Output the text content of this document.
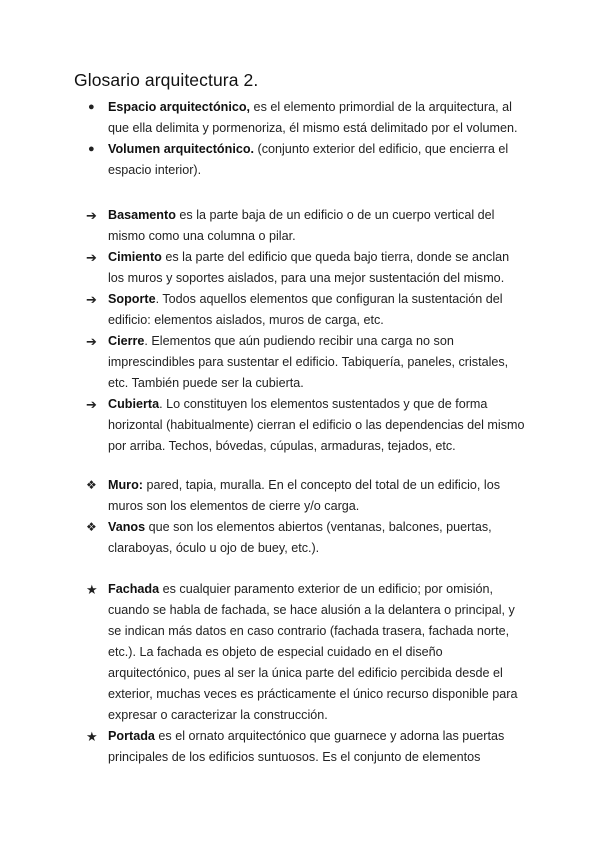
Glosario arquitectura 2.
●	Espacio arquitectónico, es el elemento primordial de la arquitectura, al que ella delimita y pormenoriza, él mismo está delimitado por el volumen.
●	Volumen arquitectónico. (conjunto exterior del edificio, que encierra el espacio interior).
➔ Basamento es la parte baja de un edificio o de un cuerpo vertical del mismo como una columna o pilar.
➔ Cimiento es la parte del edificio que queda bajo tierra, donde se anclan los muros y soportes aislados, para una mejor sustentación del mismo.
➔ Soporte. Todos aquellos elementos que configuran la sustentación del edificio: elementos aislados, muros de carga, etc.
➔ Cierre. Elementos que aún pudiendo recibir una carga no son imprescindibles para sustentar el edificio. Tabiquería, paneles, cristales, etc. También puede ser la cubierta.
➔ Cubierta. Lo constituyen los elementos sustentados y que de forma horizontal (habitualmente) cierran el edificio o las dependencias del mismo por arriba. Techos, bóvedas, cúpulas, armaduras, tejados, etc.
❖ Muro: pared, tapia, muralla. En el concepto del total de un edificio, los muros son los elementos de cierre y/o carga.
❖ Vanos que son los elementos abiertos (ventanas, balcones, puertas, claraboyas, óculo u ojo de buey, etc.).
★ Fachada es cualquier paramento exterior de un edificio; por omisión, cuando se habla de fachada, se hace alusión a la delantera o principal, y se indican más datos en caso contrario (fachada trasera, fachada norte, etc.). La fachada es objeto de especial cuidado en el diseño arquitectónico, pues al ser la única parte del edificio percibida desde el exterior, muchas veces es prácticamente el único recurso disponible para expresar o caracterizar la construcción.
★ Portada es el ornato arquitectónico que guarnece y adorna las puertas principales de los edificios suntuosos. Es el conjunto de elementos
